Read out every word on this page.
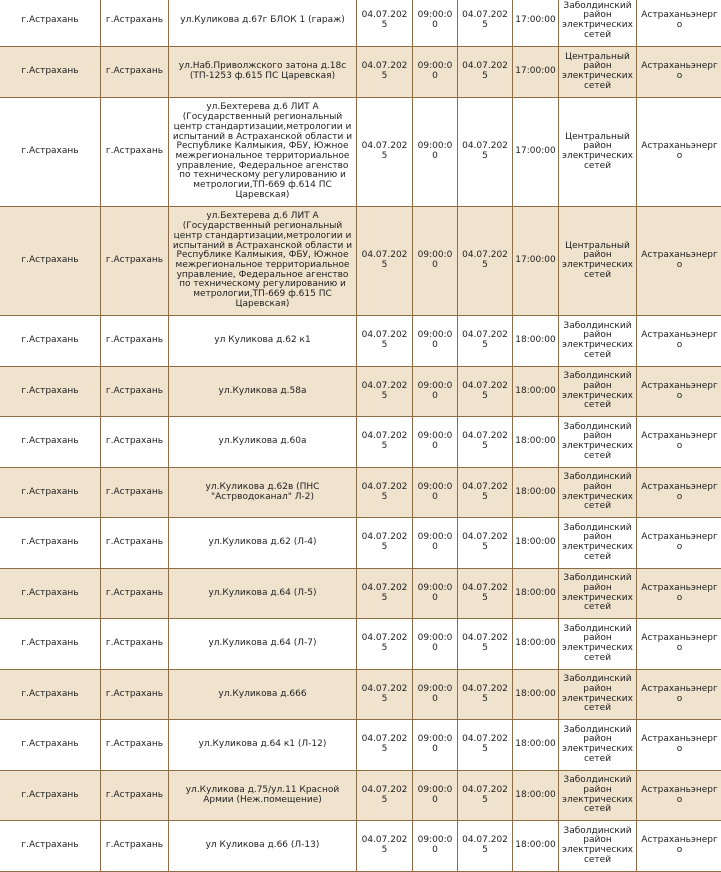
г.Астрахань	г.Астрахань	ул.Куликова д.67г БЛОК 1 (гараж)	04.07.2025	09:00:00	04.07.2025	17:00:00	Заболдинский район электрических сетей	Астраханьэнерго
г.Астрахань	г.Астрахань	ул.Наб.Приволжского затона д.18с (ТП-1253 ф.615 ПС Царевская)	04.07.2025	09:00:00	04.07.2025	17:00:00	Центральный район электрических сетей	Астраханьэнерго
г.Астрахань	г.Астрахань	ул.Бехтерева д.6 ЛИТ А (Государственный региональный центр стандартизации,метрологии и испытаний в Астраханской области и Республике Калмыкия, ФБУ, Южное межрегиональное территориальное управление, Федеральное агенство по техническому регулированию и метрологии,ТП-669 ф.614 ПС Царевская)	04.07.2025	09:00:00	04.07.2025	17:00:00	Центральный район электрических сетей	Астраханьэнерго
г.Астрахань	г.Астрахань	ул.Бехтерева д.6 ЛИТ А (Государственный региональный центр стандартизации,метрологии и испытаний в Астраханской области и Республике Калмыкия, ФБУ, Южное межрегиональное территориальное управление, Федеральное агенство по техническому регулированию и метрологии,ТП-669 ф.615 ПС Царевская)	04.07.2025	09:00:00	04.07.2025	17:00:00	Центральный район электрических сетей	Астраханьэнерго
г.Астрахань	г.Астрахань	ул Куликова д.62 к1	04.07.2025	09:00:00	04.07.2025	18:00:00	Заболдинский район электрических сетей	Астраханьэнерго
г.Астрахань	г.Астрахань	ул.Куликова д.58а	04.07.2025	09:00:00	04.07.2025	18:00:00	Заболдинский район электрических сетей	Астраханьэнерго
г.Астрахань	г.Астрахань	ул.Куликова д.60а	04.07.2025	09:00:00	04.07.2025	18:00:00	Заболдинский район электрических сетей	Астраханьэнерго
г.Астрахань	г.Астрахань	ул.Куликова д.62в (ПНС "Астрводоканал" Л-2)	04.07.2025	09:00:00	04.07.2025	18:00:00	Заболдинский район электрических сетей	Астраханьэнерго
г.Астрахань	г.Астрахань	ул.Куликова д.62 (Л-4)	04.07.2025	09:00:00	04.07.2025	18:00:00	Заболдинский район электрических сетей	Астраханьэнерго
г.Астрахань	г.Астрахань	ул.Куликова д.64 (Л-5)	04.07.2025	09:00:00	04.07.2025	18:00:00	Заболдинский район электрических сетей	Астраханьэнерго
г.Астрахань	г.Астрахань	ул.Куликова д.64 (Л-7)	04.07.2025	09:00:00	04.07.2025	18:00:00	Заболдинский район электрических сетей	Астраханьэнерго
г.Астрахань	г.Астрахань	ул.Куликова д.666	04.07.2025	09:00:00	04.07.2025	18:00:00	Заболдинский район электрических сетей	Астраханьэнерго
г.Астрахань	г.Астрахань	ул.Куликова д.64 к1 (Л-12)	04.07.2025	09:00:00	04.07.2025	18:00:00	Заболдинский район электрических сетей	Астраханьэнерго
г.Астрахань	г.Астрахань	ул.Куликова д.75/ул.11 Красной Армии (Неж.помещение)	04.07.2025	09:00:00	04.07.2025	18:00:00	Заболдинский район электрических сетей	Астраханьэнерго
г.Астрахань	г.Астрахань	ул Куликова д.66 (Л-13)	04.07.2025	09:00:00	04.07.2025	18:00:00	Заболдинский район электрических сетей	Астраханьэнерго
